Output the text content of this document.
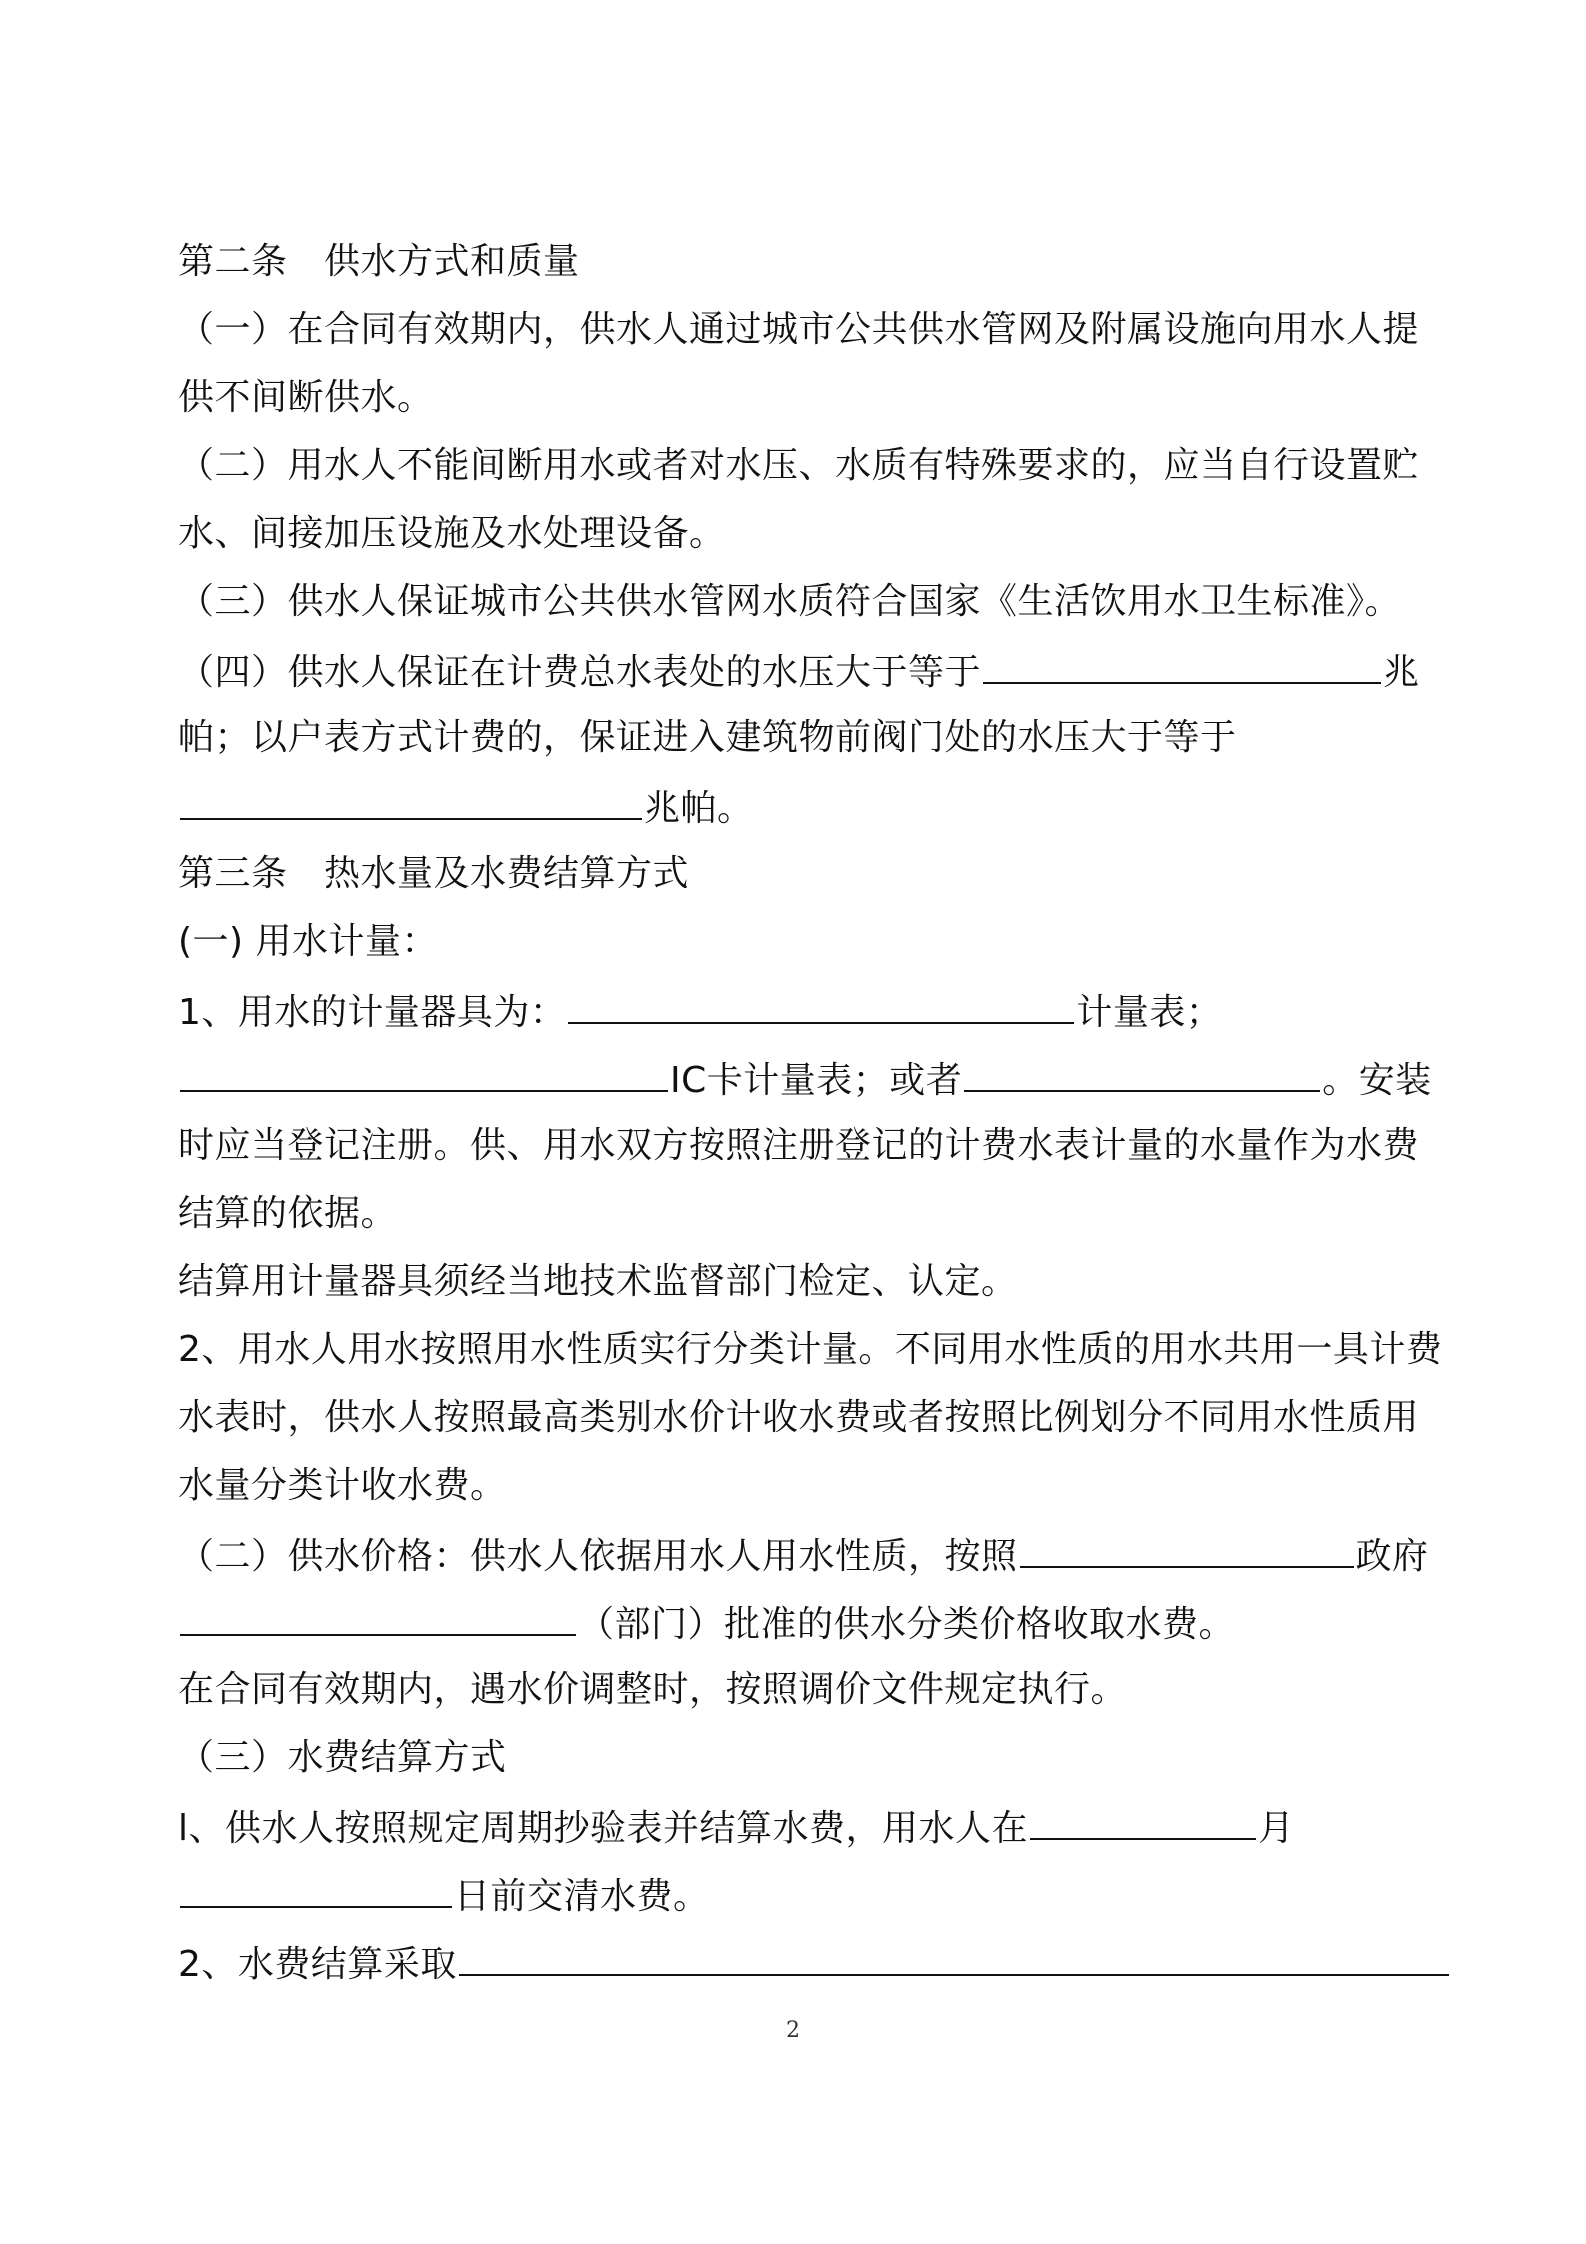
第二条　供水方式和质量
（一）在合同有效期内，供水人通过城市公共供水管网及附属设施向用水人提
供不间断供水。
（二）用水人不能间断用水或者对水压、水质有特殊要求的，应当自行设置贮
水、间接加压设施及水处理设备。
（三）供水人保证城市公共供水管网水质符合国家《生活饮用水卫生标准》。
（四）供水人保证在计费总水表处的水压大于等于	兆
帕；以户表方式计费的，保证进入建筑物前阀门处的水压大于等于
兆帕。
第三条　热水量及水费结算方式
(一) 用水计量：
1、用水的计量器具为：	计量表；
IC卡计量表；或者	。安装
时应当登记注册。供、用水双方按照注册登记的计费水表计量的水量作为水费
结算的依据。
结算用计量器具须经当地技术监督部门检定、认定。
2、用水人用水按照用水性质实行分类计量。不同用水性质的用水共用一具计费
水表时，供水人按照最高类别水价计收水费或者按照比例划分不同用水性质用
水量分类计收水费。
（二）供水价格：供水人依据用水人用水性质，按照	政府
（部门）批准的供水分类价格收取水费。
在合同有效期内，遇水价调整时，按照调价文件规定执行。
（三）水费结算方式
l、供水人按照规定周期抄验表并结算水费，用水人在	月
日前交清水费。
2、水费结算采取
2
